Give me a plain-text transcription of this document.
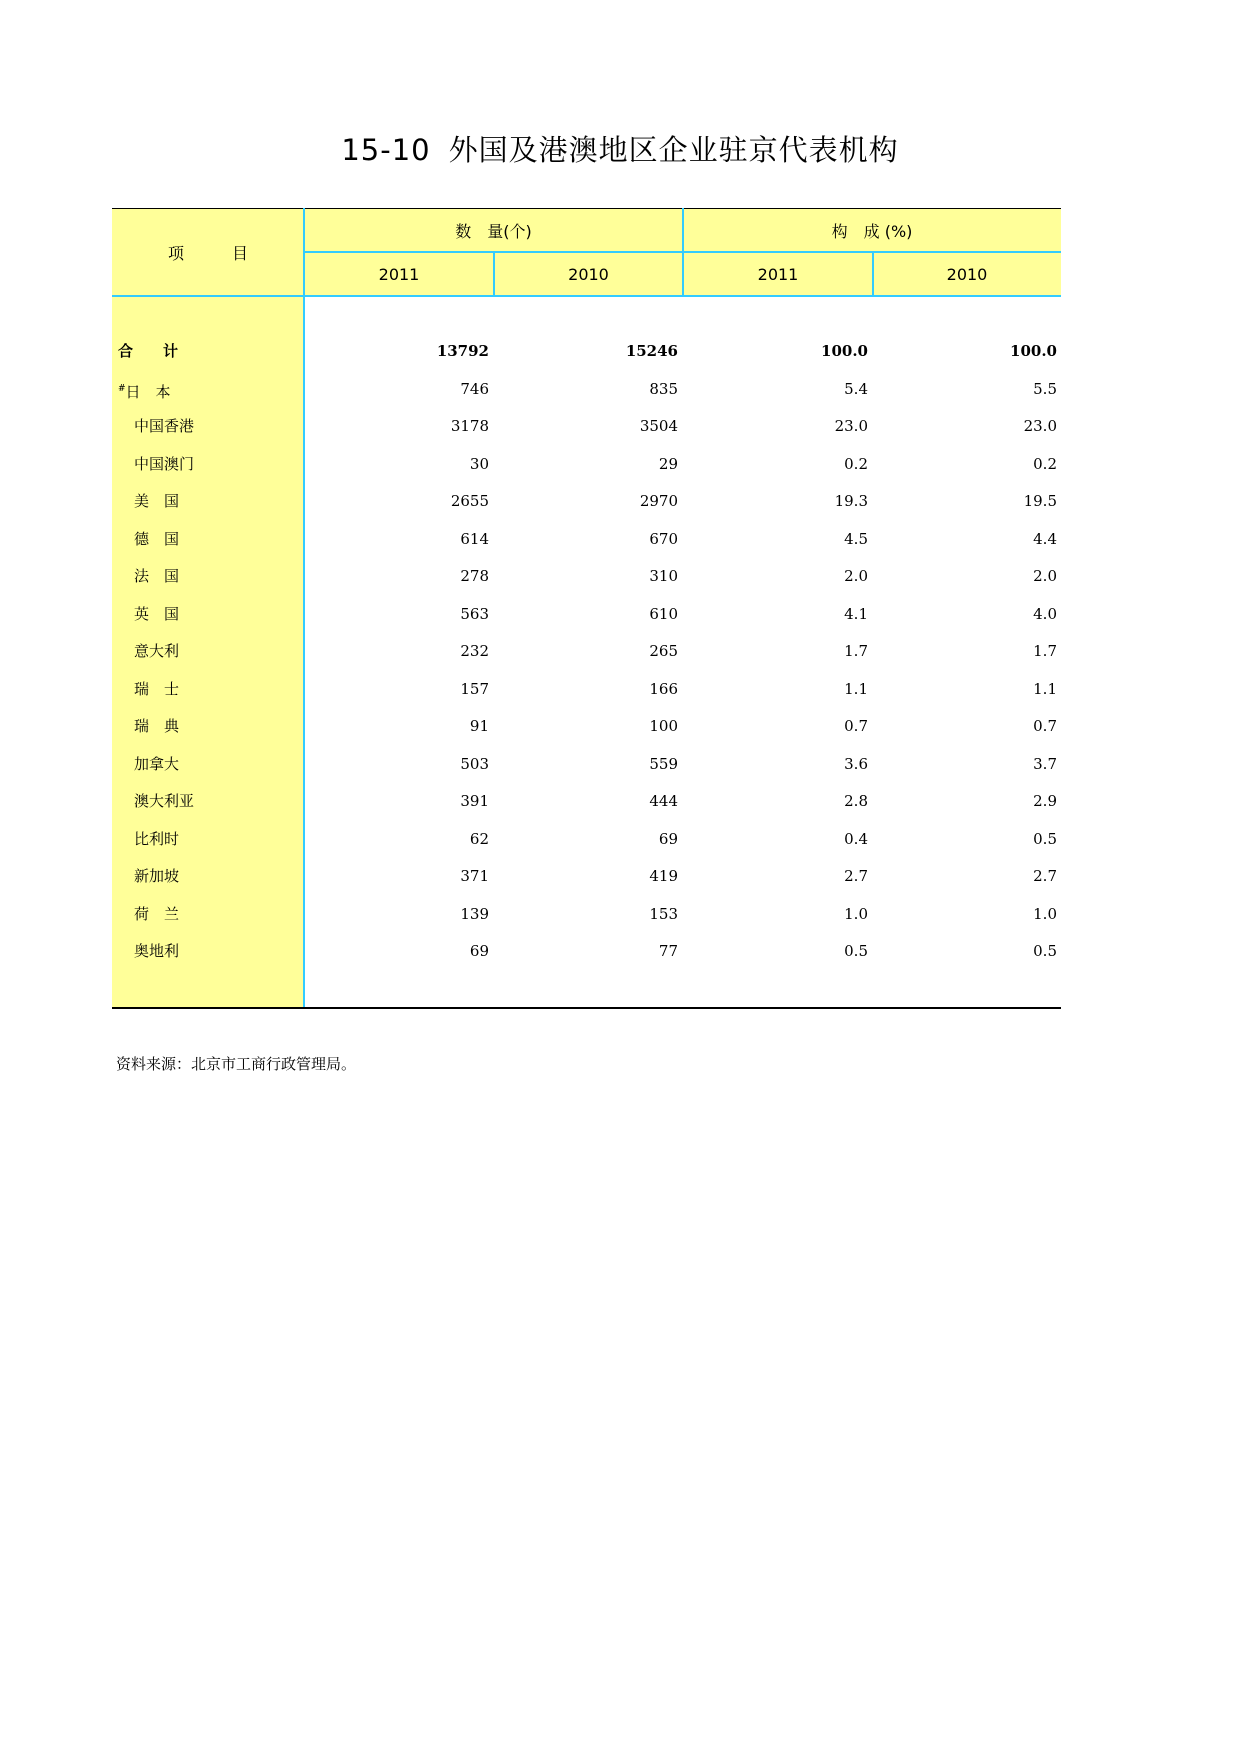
15-10 外国及港澳地区企业驻京代表机构
项　　　目
数　量(个)	构　成 (%)
2011	2010	2011	2010
合　　计	13792	15246	100.0	100.0
#日　本	746	835	5.4	5.5
中国香港	3178	3504	23.0	23.0
中国澳门	30	29	0.2	0.2
美　国	2655	2970	19.3	19.5
德　国	614	670	4.5	4.4
法　国	278	310	2.0	2.0
英　国	563	610	4.1	4.0
意大利	232	265	1.7	1.7
瑞　士	157	166	1.1	1.1
瑞　典	91	100	0.7	0.7
加拿大	503	559	3.6	3.7
澳大利亚	391	444	2.8	2.9
比利时	62	69	0.4	0.5
新加坡	371	419	2.7	2.7
荷　兰	139	153	1.0	1.0
奥地利	69	77	0.5	0.5
资料来源：北京市工商行政管理局。
